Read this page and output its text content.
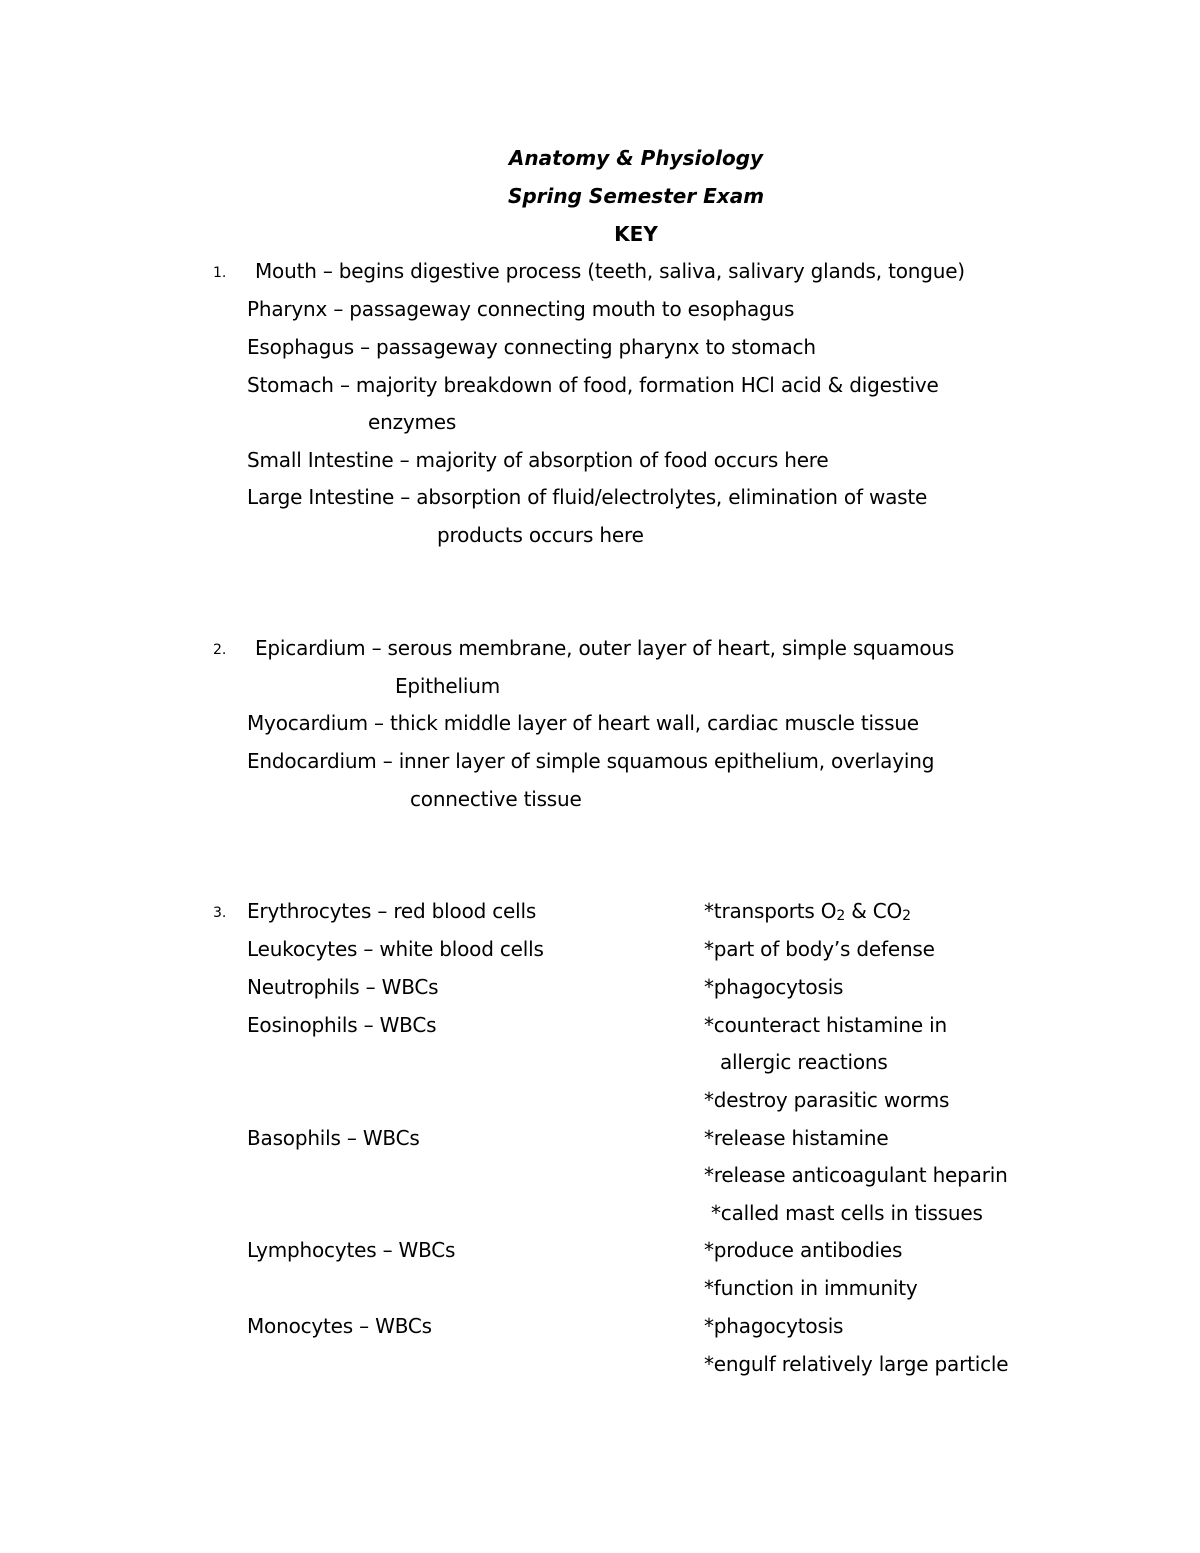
Anatomy & Physiology
Spring Semester Exam
KEY
1. Mouth – begins digestive process (teeth, saliva, salivary glands, tongue)
Pharynx – passageway connecting mouth to esophagus
Esophagus – passageway connecting pharynx to stomach
Stomach – majority breakdown of food, formation HCl acid & digestive
enzymes
Small Intestine – majority of absorption of food occurs here
Large Intestine – absorption of fluid/electrolytes, elimination of waste
products occurs here
2. Epicardium – serous membrane, outer layer of heart, simple squamous
Epithelium
Myocardium – thick middle layer of heart wall, cardiac muscle tissue
Endocardium – inner layer of simple squamous epithelium, overlaying
connective tissue
3. Erythrocytes – red blood cells
Leukocytes – white blood cells
Neutrophils – WBCs
Eosinophils – WBCs
Basophils – WBCs
Lymphocytes – WBCs
Monocytes – WBCs
*transports O2 & CO2
*part of body’s defense
*phagocytosis
*counteract histamine in
allergic reactions
*destroy parasitic worms
*release histamine
*release anticoagulant heparin
*called mast cells in tissues
*produce antibodies
*function in immunity
*phagocytosis
*engulf relatively large particle
